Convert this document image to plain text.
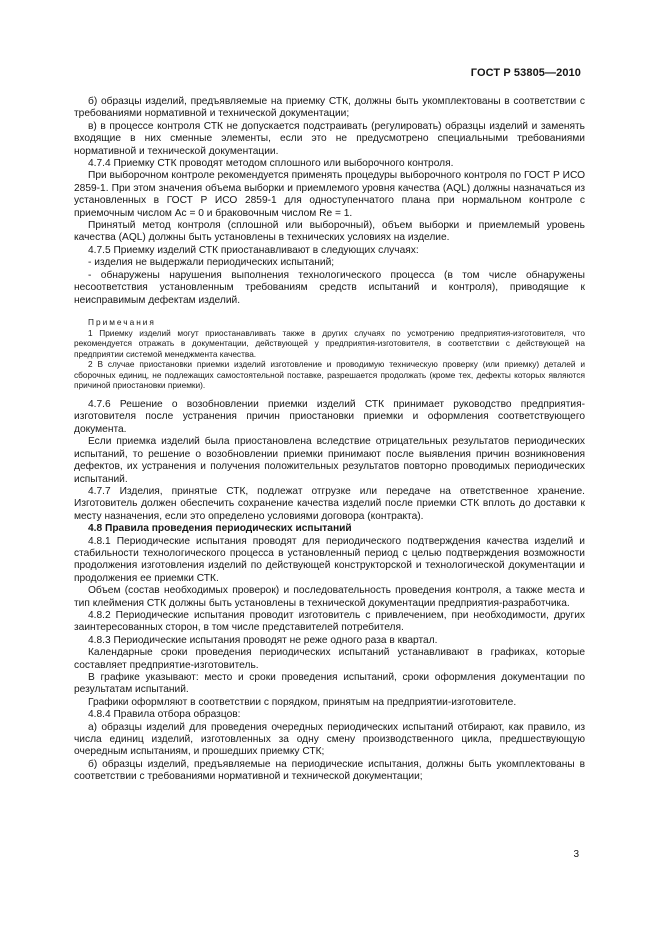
ГОСТ Р 53805—2010

б) образцы изделий, предъявляемые на приемку СТК, должны быть укомплектованы в соответствии с требованиями нормативной и технической документации;

в) в процессе контроля СТК не допускается подстраивать (регулировать) образцы изделий и заменять входящие в них сменные элементы, если это не предусмотрено специальными требованиями нормативной и технической документации.

4.7.4 Приемку СТК проводят методом сплошного или выборочного контроля.

При выборочном контроле рекомендуется применять процедуры выборочного контроля по ГОСТ Р ИСО 2859-1. При этом значения объема выборки и приемлемого уровня качества (AQL) должны назначаться из установленных в ГОСТ Р ИСО 2859-1 для одноступенчатого плана при нормальном контроле с приемочным числом Ac = 0 и браковочным числом Re = 1.

Принятый метод контроля (сплошной или выборочный), объем выборки и приемлемый уровень качества (AQL) должны быть установлены в технических условиях на изделие.

4.7.5 Приемку изделий СТК приостанавливают в следующих случаях:

- изделия не выдержали периодических испытаний;

- обнаружены нарушения выполнения технологического процесса (в том числе обнаружены несоответствия установленным требованиям средств испытаний и контроля), приводящие к неисправимым дефектам изделий.

Примечания

1 Приемку изделий могут приостанавливать также в других случаях по усмотрению предприятия-изготовителя, что рекомендуется отражать в документации, действующей у предприятия-изготовителя, в соответствии с действующей на предприятии системой менеджмента качества.

2 В случае приостановки приемки изделий изготовление и проводимую техническую проверку (или приемку) деталей и сборочных единиц, не подлежащих самостоятельной поставке, разрешается продолжать (кроме тех, дефекты которых являются причиной приостановки приемки).

4.7.6 Решение о возобновлении приемки изделий СТК принимает руководство предприятия-изготовителя после устранения причин приостановки приемки и оформления соответствующего документа.

Если приемка изделий была приостановлена вследствие отрицательных результатов периодических испытаний, то решение о возобновлении приемки принимают после выявления причин возникновения дефектов, их устранения и получения положительных результатов повторно проводимых периодических испытаний.

4.7.7 Изделия, принятые СТК, подлежат отгрузке или передаче на ответственное хранение. Изготовитель должен обеспечить сохранение качества изделий после приемки СТК вплоть до доставки к месту назначения, если это определено условиями договора (контракта).

4.8 Правила проведения периодических испытаний

4.8.1 Периодические испытания проводят для периодического подтверждения качества изделий и стабильности технологического процесса в установленный период с целью подтверждения возможности продолжения изготовления изделий по действующей конструкторской и технологической документации и продолжения ее приемки СТК.

Объем (состав необходимых проверок) и последовательность проведения контроля, а также места и тип клеймения СТК должны быть установлены в технической документации предприятия-разработчика.

4.8.2 Периодические испытания проводит изготовитель с привлечением, при необходимости, других заинтересованных сторон, в том числе представителей потребителя.

4.8.3 Периодические испытания проводят не реже одного раза в квартал.

Календарные сроки проведения периодических испытаний устанавливают в графиках, которые составляет предприятие-изготовитель.

В графике указывают: место и сроки проведения испытаний, сроки оформления документации по результатам испытаний.

Графики оформляют в соответствии с порядком, принятым на предприятии-изготовителе.

4.8.4 Правила отбора образцов:

а) образцы изделий для проведения очередных периодических испытаний отбирают, как правило, из числа единиц изделий, изготовленных за одну смену производственного цикла, предшествующую очередным испытаниям, и прошедших приемку СТК;

б) образцы изделий, предъявляемые на периодические испытания, должны быть укомплектованы в соответствии с требованиями нормативной и технической документации;

3
